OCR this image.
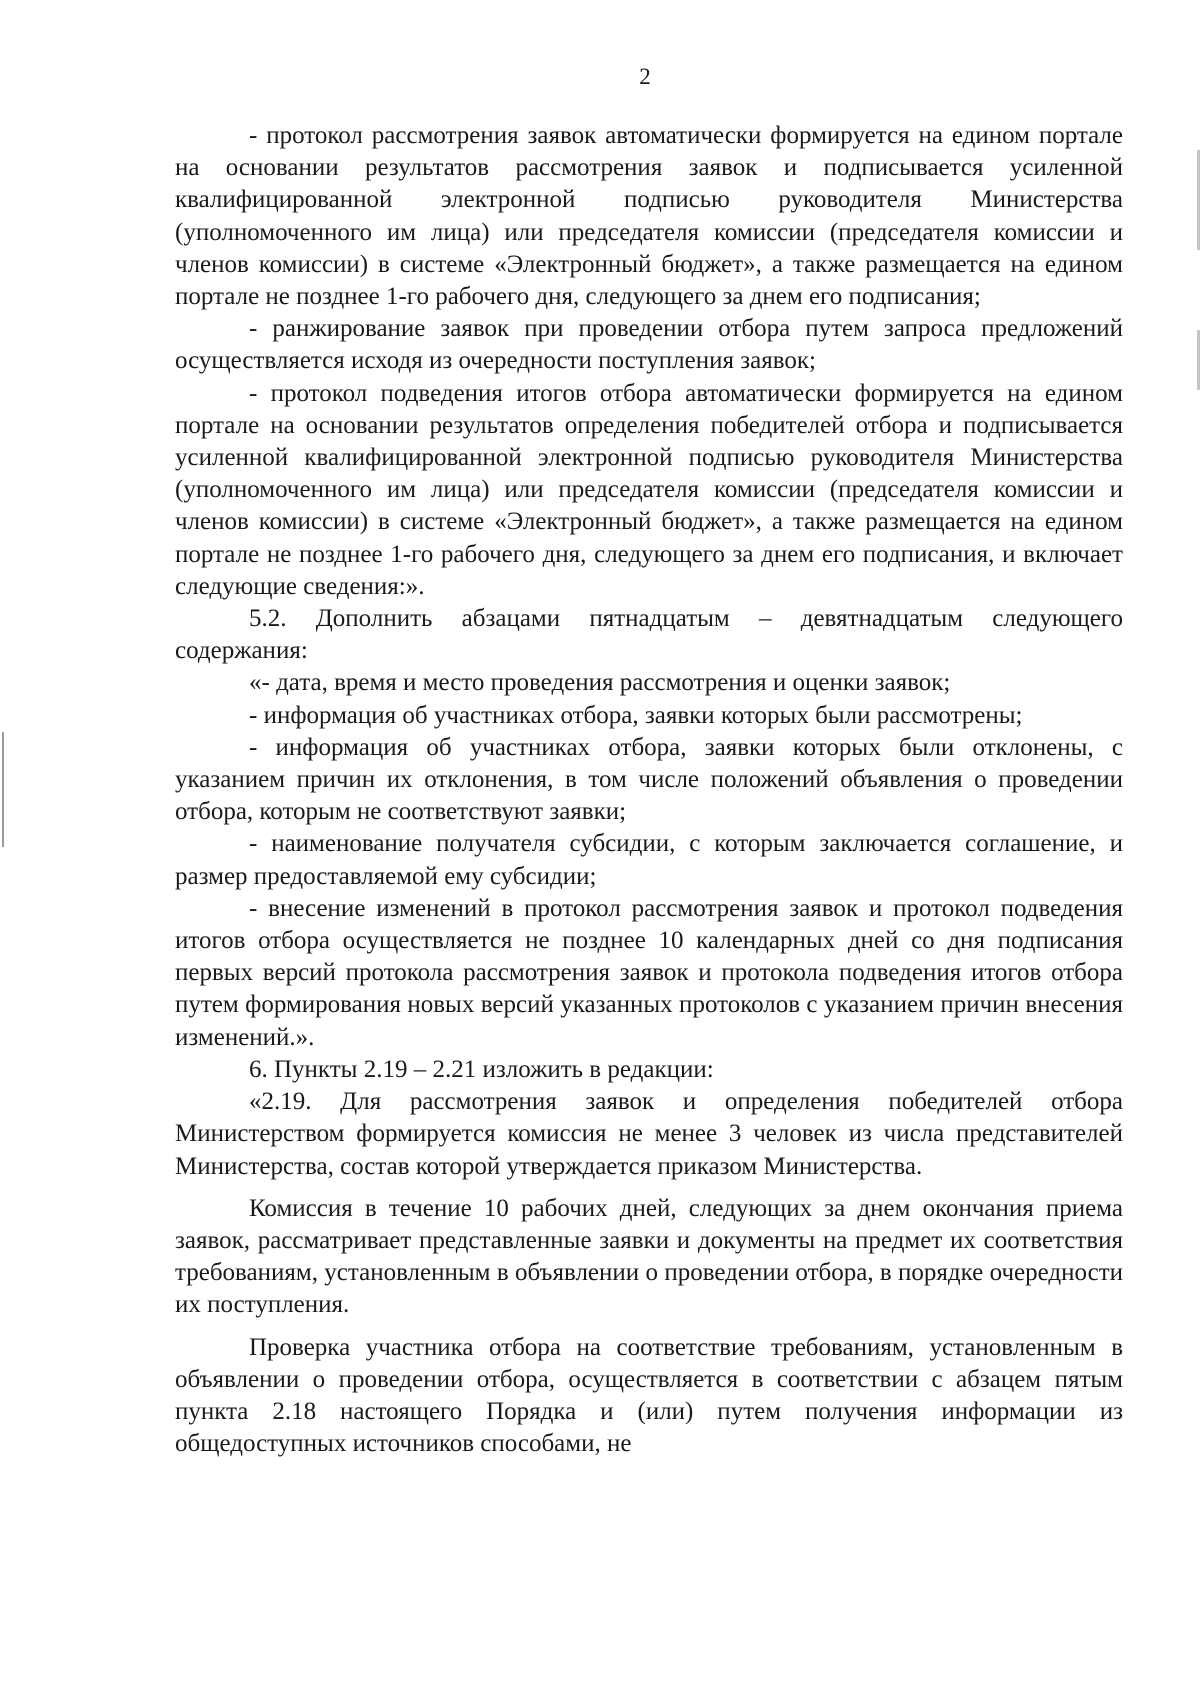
2

- протокол рассмотрения заявок автоматически формируется на едином портале на основании результатов рассмотрения заявок и подписывается усиленной квалифицированной электронной подписью руководителя Министерства (уполномоченного им лица) или председателя комиссии (председателя комиссии и членов комиссии) в системе «Электронный бюджет», а также размещается на едином портале не позднее 1-го рабочего дня, следующего за днем его подписания;

- ранжирование заявок при проведении отбора путем запроса предложений осуществляется исходя из очередности поступления заявок;

- протокол подведения итогов отбора автоматически формируется на едином портале на основании результатов определения победителей отбора и подписывается усиленной квалифицированной электронной подписью руководителя Министерства (уполномоченного им лица) или председателя комиссии (председателя комиссии и членов комиссии) в системе «Электронный бюджет», а также размещается на едином портале не позднее 1-го рабочего дня, следующего за днем его подписания, и включает следующие сведения:».

5.2. Дополнить абзацами пятнадцатым – девятнадцатым следующего содержания:

«- дата, время и место проведения рассмотрения и оценки заявок;

- информация об участниках отбора, заявки которых были рассмотрены;

- информация об участниках отбора, заявки которых были отклонены, с указанием причин их отклонения, в том числе положений объявления о проведении отбора, которым не соответствуют заявки;

- наименование получателя субсидии, с которым заключается соглашение, и размер предоставляемой ему субсидии;

- внесение изменений в протокол рассмотрения заявок и протокол подведения итогов отбора осуществляется не позднее 10 календарных дней со дня подписания первых версий протокола рассмотрения заявок и протокола подведения итогов отбора путем формирования новых версий указанных протоколов с указанием причин внесения изменений.».

6. Пункты 2.19 – 2.21 изложить в редакции:

«2.19. Для рассмотрения заявок и определения победителей отбора Министерством формируется комиссия не менее 3 человек из числа представителей Министерства, состав которой утверждается приказом Министерства.

Комиссия в течение 10 рабочих дней, следующих за днем окончания приема заявок, рассматривает представленные заявки и документы на предмет их соответствия требованиям, установленным в объявлении о проведении отбора, в порядке очередности их поступления.

Проверка участника отбора на соответствие требованиям, установленным в объявлении о проведении отбора, осуществляется в соответствии с абзацем пятым пункта 2.18 настоящего Порядка и (или) путем получения информации из общедоступных источников способами, не
